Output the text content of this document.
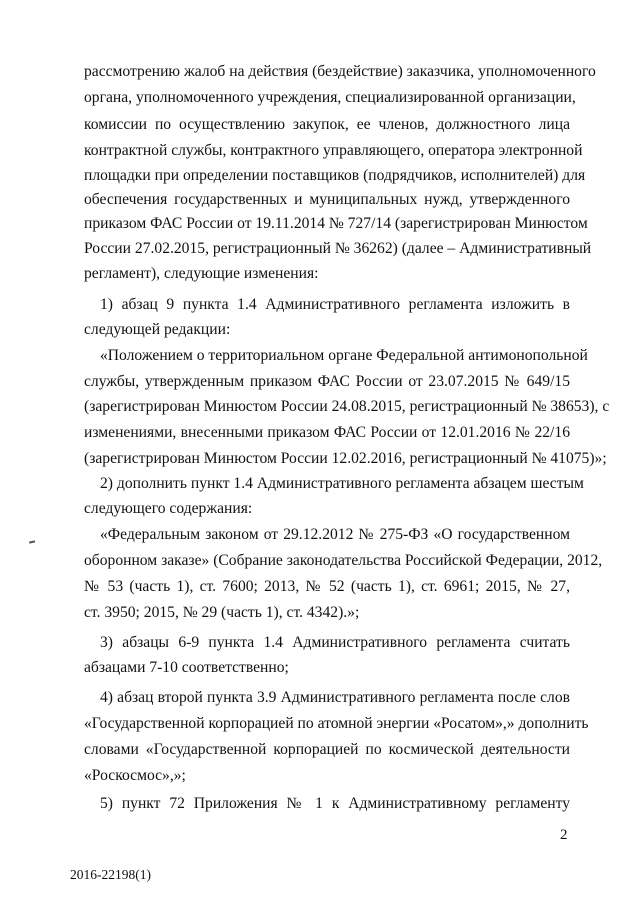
рассмотрению жалоб на действия (бездействие) заказчика, уполномоченного
органа, уполномоченного учреждения, специализированной организации,
комиссии по осуществлению закупок, ее членов, должностного лица
контрактной службы, контрактного управляющего, оператора электронной
площадки при определении поставщиков (подрядчиков, исполнителей) для
обеспечения государственных и муниципальных нужд, утвержденного
приказом ФАС России от 19.11.2014 № 727/14 (зарегистрирован Минюстом
России 27.02.2015, регистрационный № 36262) (далее – Административный
регламент), следующие изменения:
1) абзац 9 пункта 1.4 Административного регламента изложить в
следующей редакции:
«Положением о территориальном органе Федеральной антимонопольной
службы, утвержденным приказом ФАС России от 23.07.2015 № 649/15
(зарегистрирован Минюстом России 24.08.2015, регистрационный № 38653), с
изменениями, внесенными приказом ФАС России от 12.01.2016 № 22/16
(зарегистрирован Минюстом России 12.02.2016, регистрационный № 41075)»;
2) дополнить пункт 1.4 Административного регламента абзацем шестым
следующего содержания:
«Федеральным законом от 29.12.2012 № 275-ФЗ «О государственном
оборонном заказе» (Собрание законодательства Российской Федерации, 2012,
№ 53 (часть 1), ст. 7600; 2013, № 52 (часть 1), ст. 6961; 2015, № 27,
ст. 3950; 2015, № 29 (часть 1), ст. 4342).»;
3) абзацы 6-9 пункта 1.4 Административного регламента считать
абзацами 7-10 соответственно;
4) абзац второй пункта 3.9 Административного регламента после слов
«Государственной корпорацией по атомной энергии «Росатом»,» дополнить
словами «Государственной корпорацией по космической деятельности
«Роскосмос»,»;
5) пункт 72 Приложения № 1 к Административному регламенту
2
2016-22198(1)
